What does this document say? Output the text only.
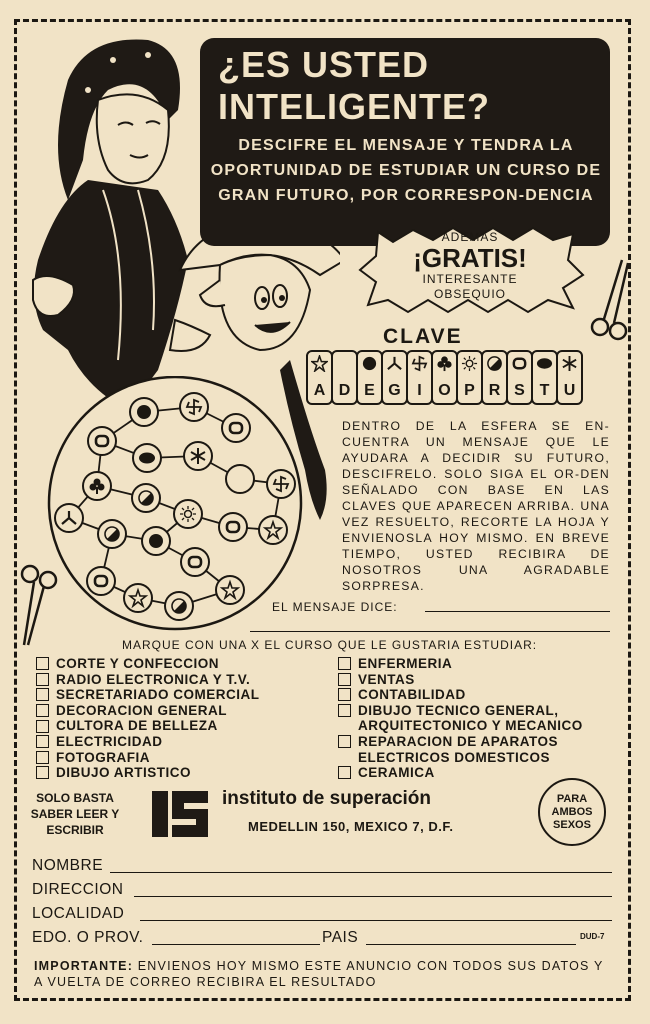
¿ES USTED
INTELIGENTE?
DESCIFRE EL MENSAJE Y TENDRA LA OPORTUNIDAD DE ESTUDIAR UN CURSO DE GRAN FUTURO, POR CORRESPON-DENCIA
ADEMAS
¡GRATIS!
INTERESANTE OBSEQUIO
CLAVE
A D E G I O P R S T U
DENTRO DE LA ESFERA SE EN-CUENTRA UN MENSAJE QUE LE AYUDARA A DECIDIR SU FUTURO, DESCIFRELO. SOLO SIGA EL OR-DEN SEÑALADO CON BASE EN LAS CLAVES QUE APARECEN ARRIBA. UNA VEZ RESUELTO, RECORTE LA HOJA Y ENVIENOSLA HOY MISMO. EN BREVE TIEMPO, USTED RECIBIRA DE NOSOTROS UNA AGRADABLE SORPRESA.
EL MENSAJE DICE:
MARQUE CON UNA X EL CURSO QUE LE GUSTARIA ESTUDIAR:
CORTE Y CONFECCION
RADIO ELECTRONICA Y T.V.
SECRETARIADO COMERCIAL
DECORACION GENERAL
CULTORA DE BELLEZA
ELECTRICIDAD
FOTOGRAFIA
DIBUJO ARTISTICO
ENFERMERIA
VENTAS
CONTABILIDAD
DIBUJO TECNICO GENERAL,
ARQUITECTONICO Y MECANICO
REPARACION DE APARATOS
ELECTRICOS DOMESTICOS
CERAMICA
SOLO BASTA SABER LEER Y ESCRIBIR
instituto de superación
MEDELLIN 150, MEXICO 7, D.F.
PARA AMBOS SEXOS
NOMBRE
DIRECCION
LOCALIDAD
EDO. O PROV.	PAIS	DUD-7
IMPORTANTE: ENVIENOS HOY MISMO ESTE ANUNCIO CON TODOS SUS DATOS Y A VUELTA DE CORREO RECIBIRA EL RESULTADO
